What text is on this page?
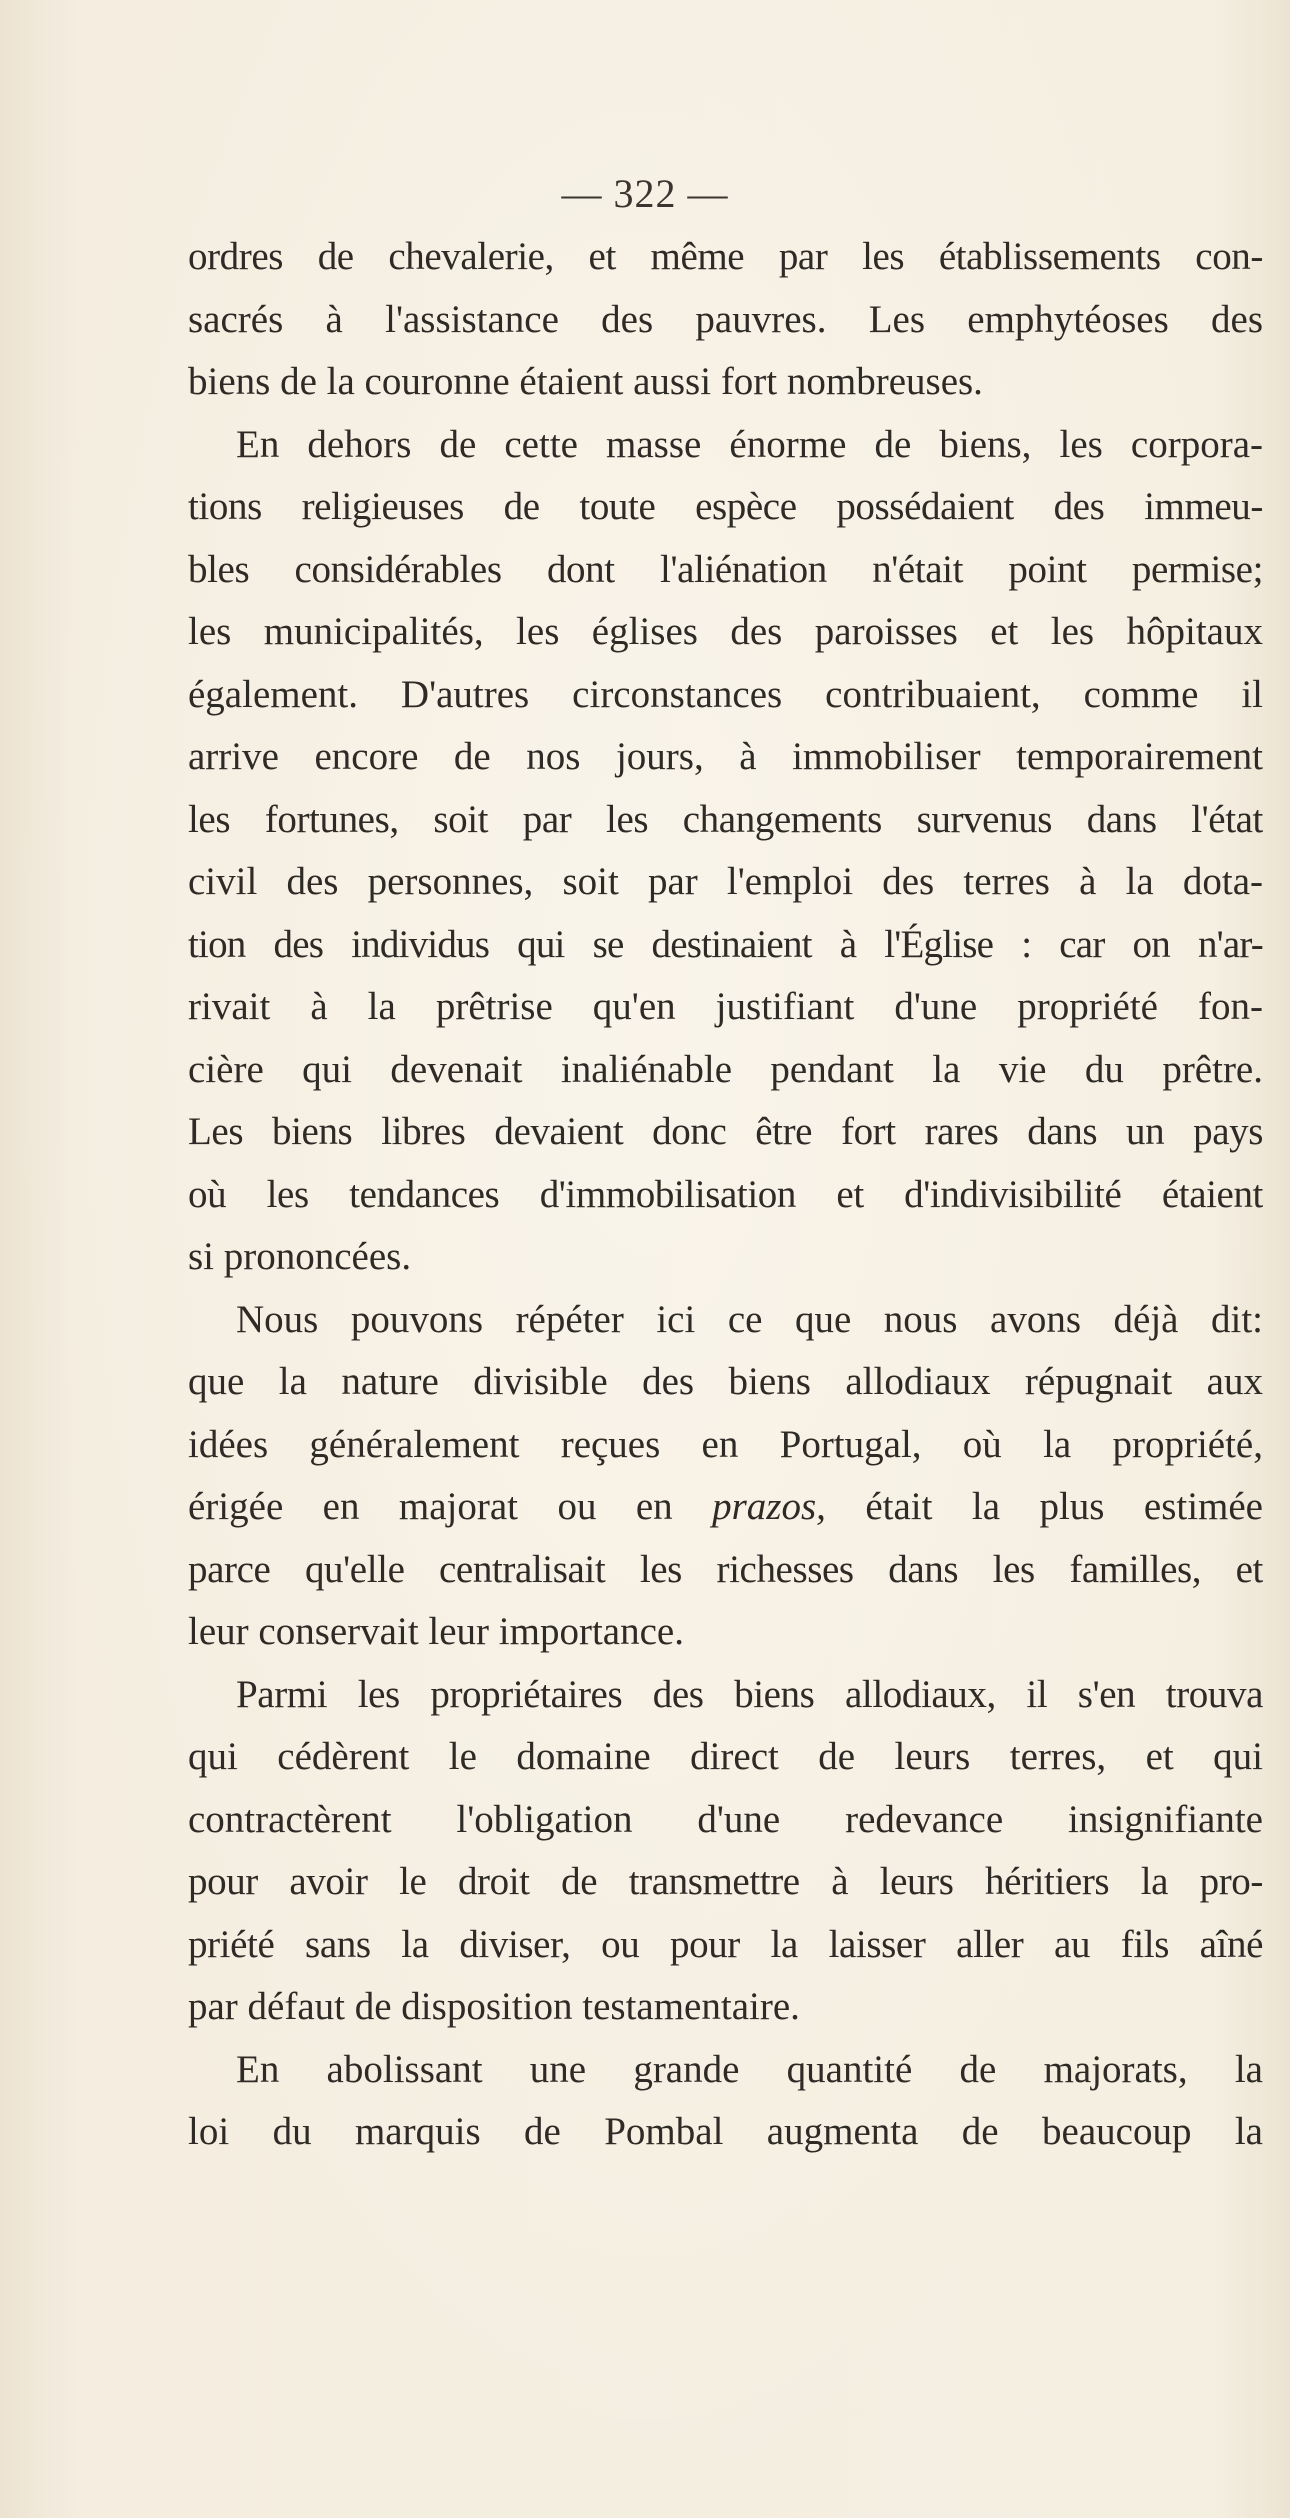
— 322 —

ordres de chevalerie, et même par les établissements con-
sacrés à l'assistance des pauvres. Les emphytéoses des
biens de la couronne étaient aussi fort nombreuses.

En dehors de cette masse énorme de biens, les corpora-
tions religieuses de toute espèce possédaient des immeu-
bles considérables dont l'aliénation n'était point permise;
les municipalités, les églises des paroisses et les hôpitaux
également. D'autres circonstances contribuaient, comme il
arrive encore de nos jours, à immobiliser temporairement
les fortunes, soit par les changements survenus dans l'état
civil des personnes, soit par l'emploi des terres à la dota-
tion des individus qui se destinaient à l'Église : car on n'ar-
rivait à la prêtrise qu'en justifiant d'une propriété fon-
cière qui devenait inaliénable pendant la vie du prêtre.
Les biens libres devaient donc être fort rares dans un pays
où les tendances d'immobilisation et d'indivisibilité étaient
si prononcées.

Nous pouvons répéter ici ce que nous avons déjà dit:
que la nature divisible des biens allodiaux répugnait aux
idées généralement reçues en Portugal, où la propriété,
érigée en majorat ou en prazos, était la plus estimée
parce qu'elle centralisait les richesses dans les familles, et
leur conservait leur importance.

Parmi les propriétaires des biens allodiaux, il s'en trouva
qui cédèrent le domaine direct de leurs terres, et qui
contractèrent l'obligation d'une redevance insignifiante
pour avoir le droit de transmettre à leurs héritiers la pro-
priété sans la diviser, ou pour la laisser aller au fils aîné
par défaut de disposition testamentaire.

En abolissant une grande quantité de majorats, la
loi du marquis de Pombal augmenta de beaucoup la
